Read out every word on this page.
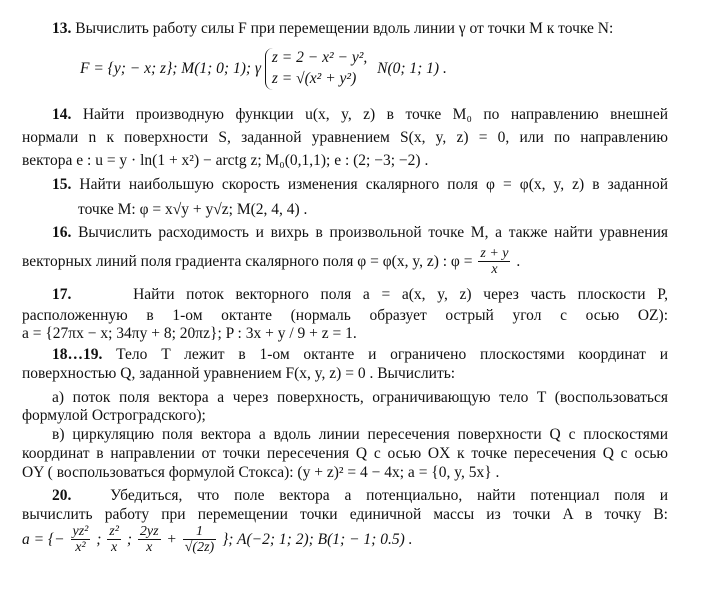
13. Вычислить работу силы F при перемещении вдоль линии γ от точки M к точке N:
F = {y; − x; z}; M(1; 0; 1); γ
z = 2 − x² − y²,
z = √(x² + y²)
N(0; 1; 1) .
14. Найти производную функции u(x, y, z) в точке M₀ по направлению внешней
нормали n к поверхности S, заданной уравнением S(x, y, z) = 0, или по направлению
вектора e : u = y · ln(1 + x²) − arctg z; M₀(0,1,1); e : (2; −3; −2) .
15. Найти наибольшую скорость изменения скалярного поля φ = φ(x, y, z) в заданной
точке М: φ = x√y + y√z; M(2, 4, 4) .
16. Вычислить расходимость и вихрь в произвольной точке М, а также найти уравнения
векторных линий поля градиента скалярного поля φ = φ(x, y, z) : $\varphi = \frac{z + y}{x}$ .
17.	Найти поток векторного поля a = a(x, y, z) через часть плоскости P,
расположенную в 1-ом октанте (нормаль образует острый угол с осью OZ):
a = {27πx − x; 34πy + 8; 20πz}; P : 3x + y / 9 + z = 1.
18…19. Тело T лежит в 1-ом октанте и ограничено плоскостями координат и
поверхностью Q, заданной уравнением F(x, y, z) = 0 . Вычислить:
а) поток поля вектора a через поверхность, ограничивающую тело T (воспользоваться
формулой Остроградского);
в) циркуляцию поля вектора a вдоль линии пересечения поверхности Q с плоскостями
координат в направлении от точки пересечения Q с осью OX к точке пересечения Q с осью
OY ( воспользоваться формулой Стокса): (y + z)² = 4 − 4x; a = {0, y, 5x} .
20.	Убедиться, что поле вектора a потенциально, найти потенциал поля и
вычислить работу при перемещении точки единичной массы из точки A в точку B:
a = {− $\frac{\text{yz²}}{\text{x²}}$ ; $\frac{\text{z²}}{x}$ ; $\frac{2yz}{x} + \frac{1}{√(2z)}$ }; A(−2; 1; 2); B(1; − 1; 0.5) .
